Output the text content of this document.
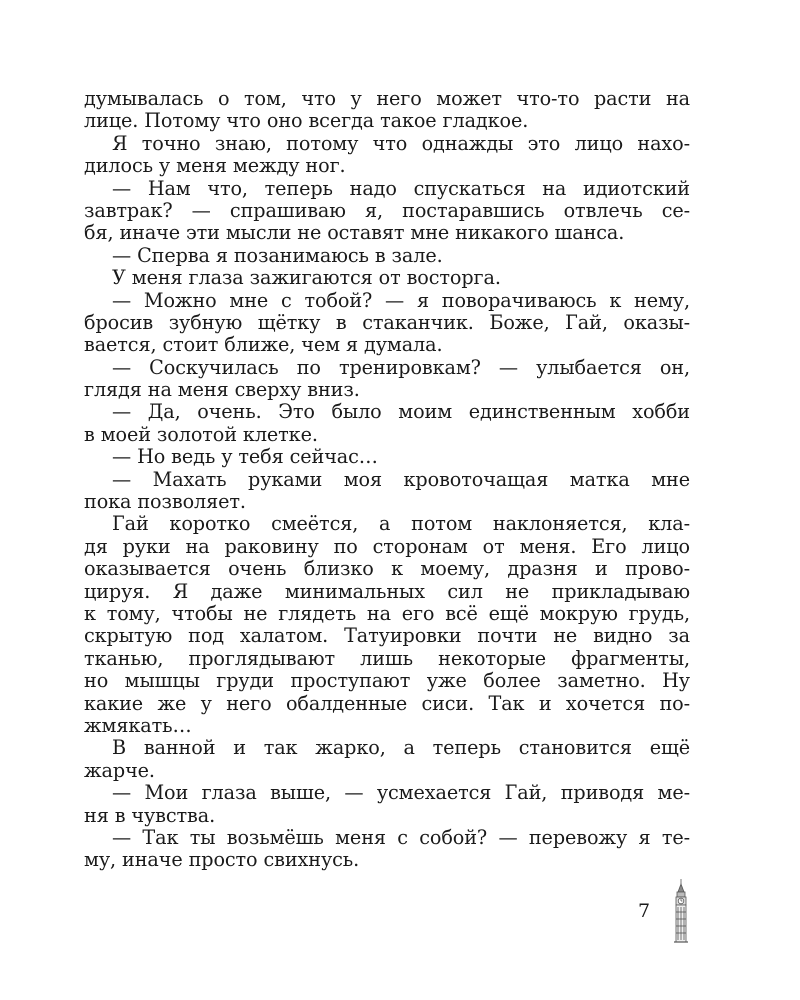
думывалась о том, что у него может что-то расти на
лице. Потому что оно всегда такое гладкое.
Я точно знаю, потому что однажды это лицо нахо-
дилось у меня между ног.
— Нам что, теперь надо спускаться на идиотский
завтрак? — спрашиваю я, постаравшись отвлечь се-
бя, иначе эти мысли не оставят мне никакого шанса.
— Сперва я позанимаюсь в зале.
У меня глаза зажигаются от восторга.
— Можно мне с тобой? — я поворачиваюсь к нему,
бросив зубную щётку в стаканчик. Боже, Гай, оказы-
вается, стоит ближе, чем я думала.
— Соскучилась по тренировкам? — улыбается он,
глядя на меня сверху вниз.
— Да, очень. Это было моим единственным хобби
в моей золотой клетке.
— Но ведь у тебя сейчас…
— Махать руками моя кровоточащая матка мне
пока позволяет.
Гай коротко смеётся, а потом наклоняется, кла-
дя руки на раковину по сторонам от меня. Его лицо
оказывается очень близко к моему, дразня и прово-
цируя. Я даже минимальных сил не прикладываю
к тому, чтобы не глядеть на его всё ещё мокрую грудь,
скрытую под халатом. Татуировки почти не видно за
тканью, проглядывают лишь некоторые фрагменты,
но мышцы груди проступают уже более заметно. Ну
какие же у него обалденные сиси. Так и хочется по-
жмякать…
В ванной и так жарко, а теперь становится ещё
жарче.
— Мои глаза выше, — усмехается Гай, приводя ме-
ня в чувства.
— Так ты возьмёшь меня с собой? — перевожу я те-
му, иначе просто свихнусь.
7
